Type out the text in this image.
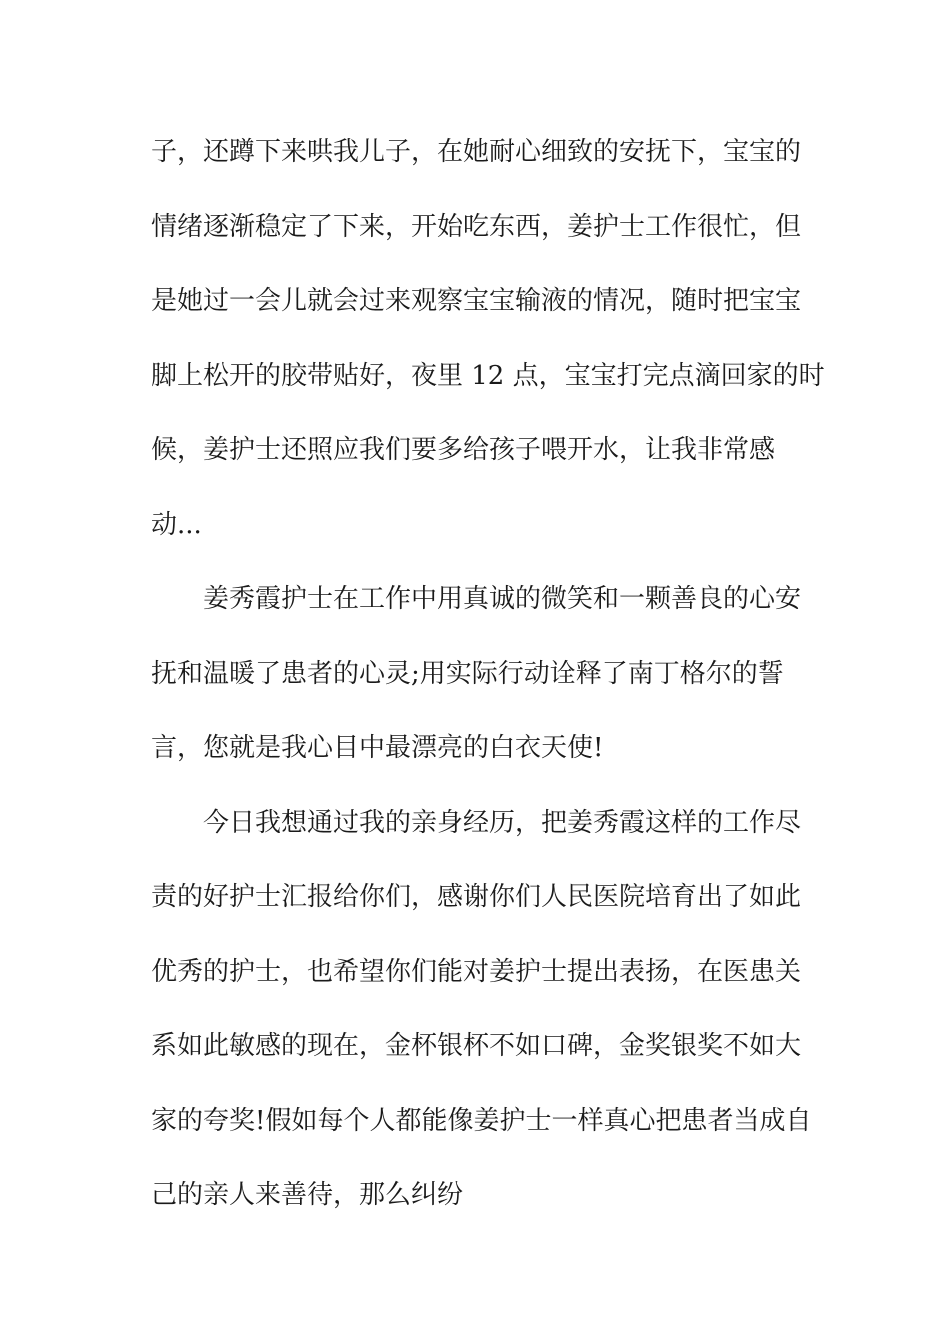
子，还蹲下来哄我儿子，在她耐心细致的安抚下，宝宝的
情绪逐渐稳定了下来，开始吃东西，姜护士工作很忙，但
是她过一会儿就会过来观察宝宝输液的情况，随时把宝宝
脚上松开的胶带贴好，夜里 12 点，宝宝打完点滴回家的时
候，姜护士还照应我们要多给孩子喂开水，让我非常感
动...
姜秀霞护士在工作中用真诚的微笑和一颗善良的心安
抚和温暖了患者的心灵;用实际行动诠释了南丁格尔的誓
言，您就是我心目中最漂亮的白衣天使!
今日我想通过我的亲身经历，把姜秀霞这样的工作尽
责的好护士汇报给你们，感谢你们人民医院培育出了如此
优秀的护士，也希望你们能对姜护士提出表扬，在医患关
系如此敏感的现在，金杯银杯不如口碑，金奖银奖不如大
家的夸奖!假如每个人都能像姜护士一样真心把患者当成自
己的亲人来善待，那么纠纷
